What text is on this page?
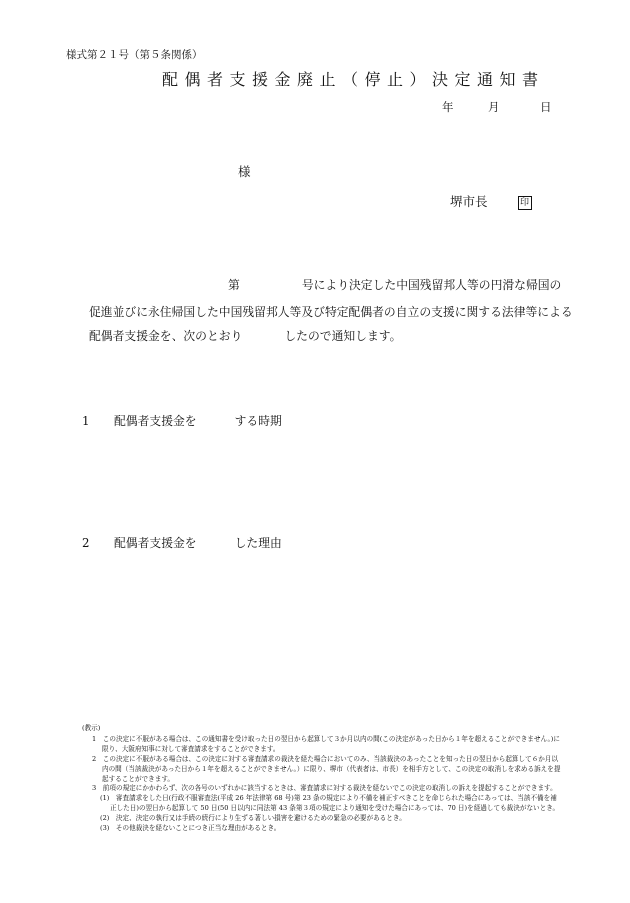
様式第２１号（第５条関係）
配偶者支援金廃止（停止）決定通知書
年	月	日
様
堺市長	印
第	号により決定した中国残留邦人等の円滑な帰国の
促進並びに永住帰国した中国残留邦人等及び特定配偶者の自立の支援に関する法律等による
配偶者支援金を、次のとおり	したので通知します。
1 配偶者支援金を	する時期
2 配偶者支援金を	した理由
(教示)
1　この決定に不服がある場合は、この通知書を受け取った日の翌日から起算して３か月以内の間(この決定があった日から１年を超えることができません。)に限り、大阪府知事に対して審査請求をすることができます。
2　この決定に不服がある場合は、この決定に対する審査請求の裁決を経た場合においてのみ、当該裁決のあったことを知った日の翌日から起算して６か月以内の間（当該裁決があった日から１年を超えることができません。）に限り、堺市（代表者は、市長）を相手方として、この決定の取消しを求める訴えを提起することができます。
3　前項の規定にかかわらず、次の各号のいずれかに該当するときは、審査請求に対する裁決を経ないでこの決定の取消しの訴えを提起することができます。
(1)　審査請求をした日(行政不服審査法(平成 26 年法律第 68 号)第 23 条の規定により不備を補正すべきことを命じられた場合にあっては、当該不備を補正した日)の翌日から起算して 50 日(50 日以内に同法第 43 条第３項の規定により通知を受けた場合にあっては、70 日)を経過しても裁決がないとき。
(2)　決定、決定の執行又は手続の続行により生ずる著しい損害を避けるための緊急の必要があるとき。
(3)　その他裁決を経ないことにつき正当な理由があるとき。
